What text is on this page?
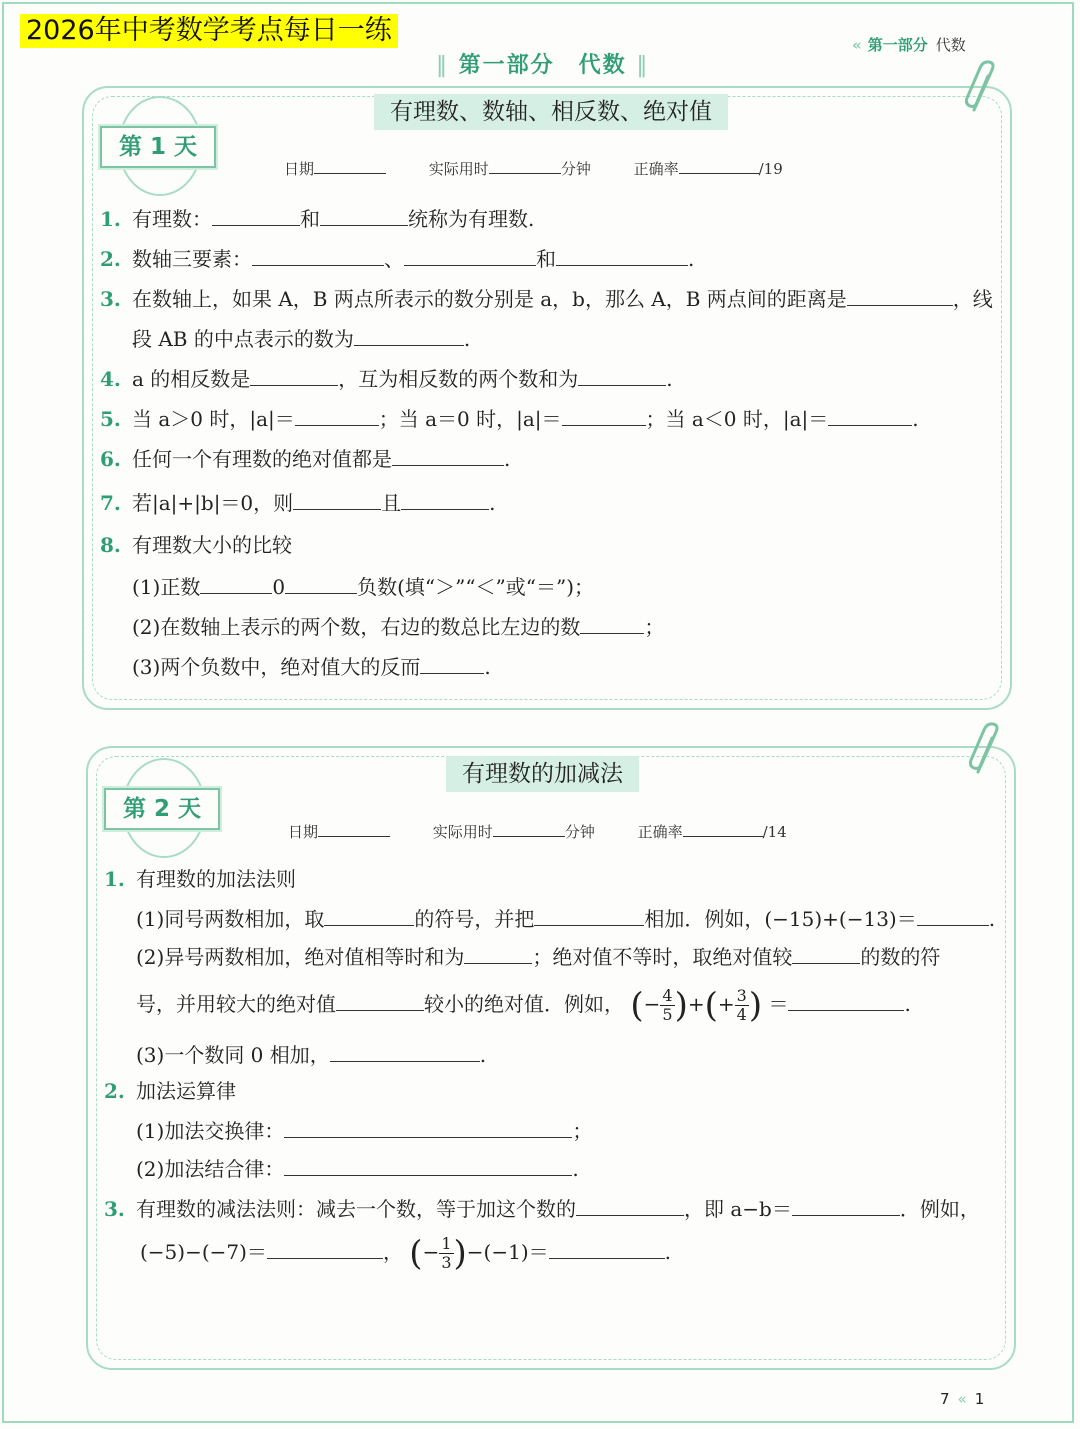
2026年中考数学考点每日一练	« 第一部分 代数
‖ 第一部分　代数 ‖
第 1 天
有理数、数轴、相反数、绝对值
日期	实际用时	分钟	正确率	/19
1. 有理数：	和	统称为有理数.
2. 数轴三要素：	、	和	.
3. 在数轴上，如果 A，B 两点所表示的数分别是 a，b，那么 A，B 两点间的距离是	，线
段 AB 的中点表示的数为	.
4. a 的相反数是	，互为相反数的两个数和为	.
5. 当 a＞0 时，|a|＝	；当 a＝0 时，|a|＝	；当 a＜0 时，|a|＝	.
6. 任何一个有理数的绝对值都是	.
7. 若|a|+|b|＝0，则	且	.
8. 有理数大小的比较
(1)正数	0	负数(填“＞”“＜”或“＝”)；
(2)在数轴上表示的两个数，右边的数总比左边的数	；
(3)两个负数中，绝对值大的反而	.
第 2 天
有理数的加减法
日期	实际用时	分钟	正确率	/14
1. 有理数的加法法则
(1)同号两数相加，取	的符号，并把	相加．例如，(−15)+(−13)＝	.
(2)异号两数相加，绝对值相等时和为	；绝对值不等时，取绝对值较	的数的符
号，并用较大的绝对值	较小的绝对值．例如， (− $\frac{4}{5}$ )+(+ $\frac{3}{4}$ ) ＝	.
(3)一个数同 0 相加，	.
2. 加法运算律
(1)加法交换律：	；
(2)加法结合律：	.
3. 有理数的减法法则：减去一个数，等于加这个数的	，即 a−b＝	．例如，
(−5)−(−7)＝	， (− $\frac{1}{3} )-(-1)=$	.
7 « 1
